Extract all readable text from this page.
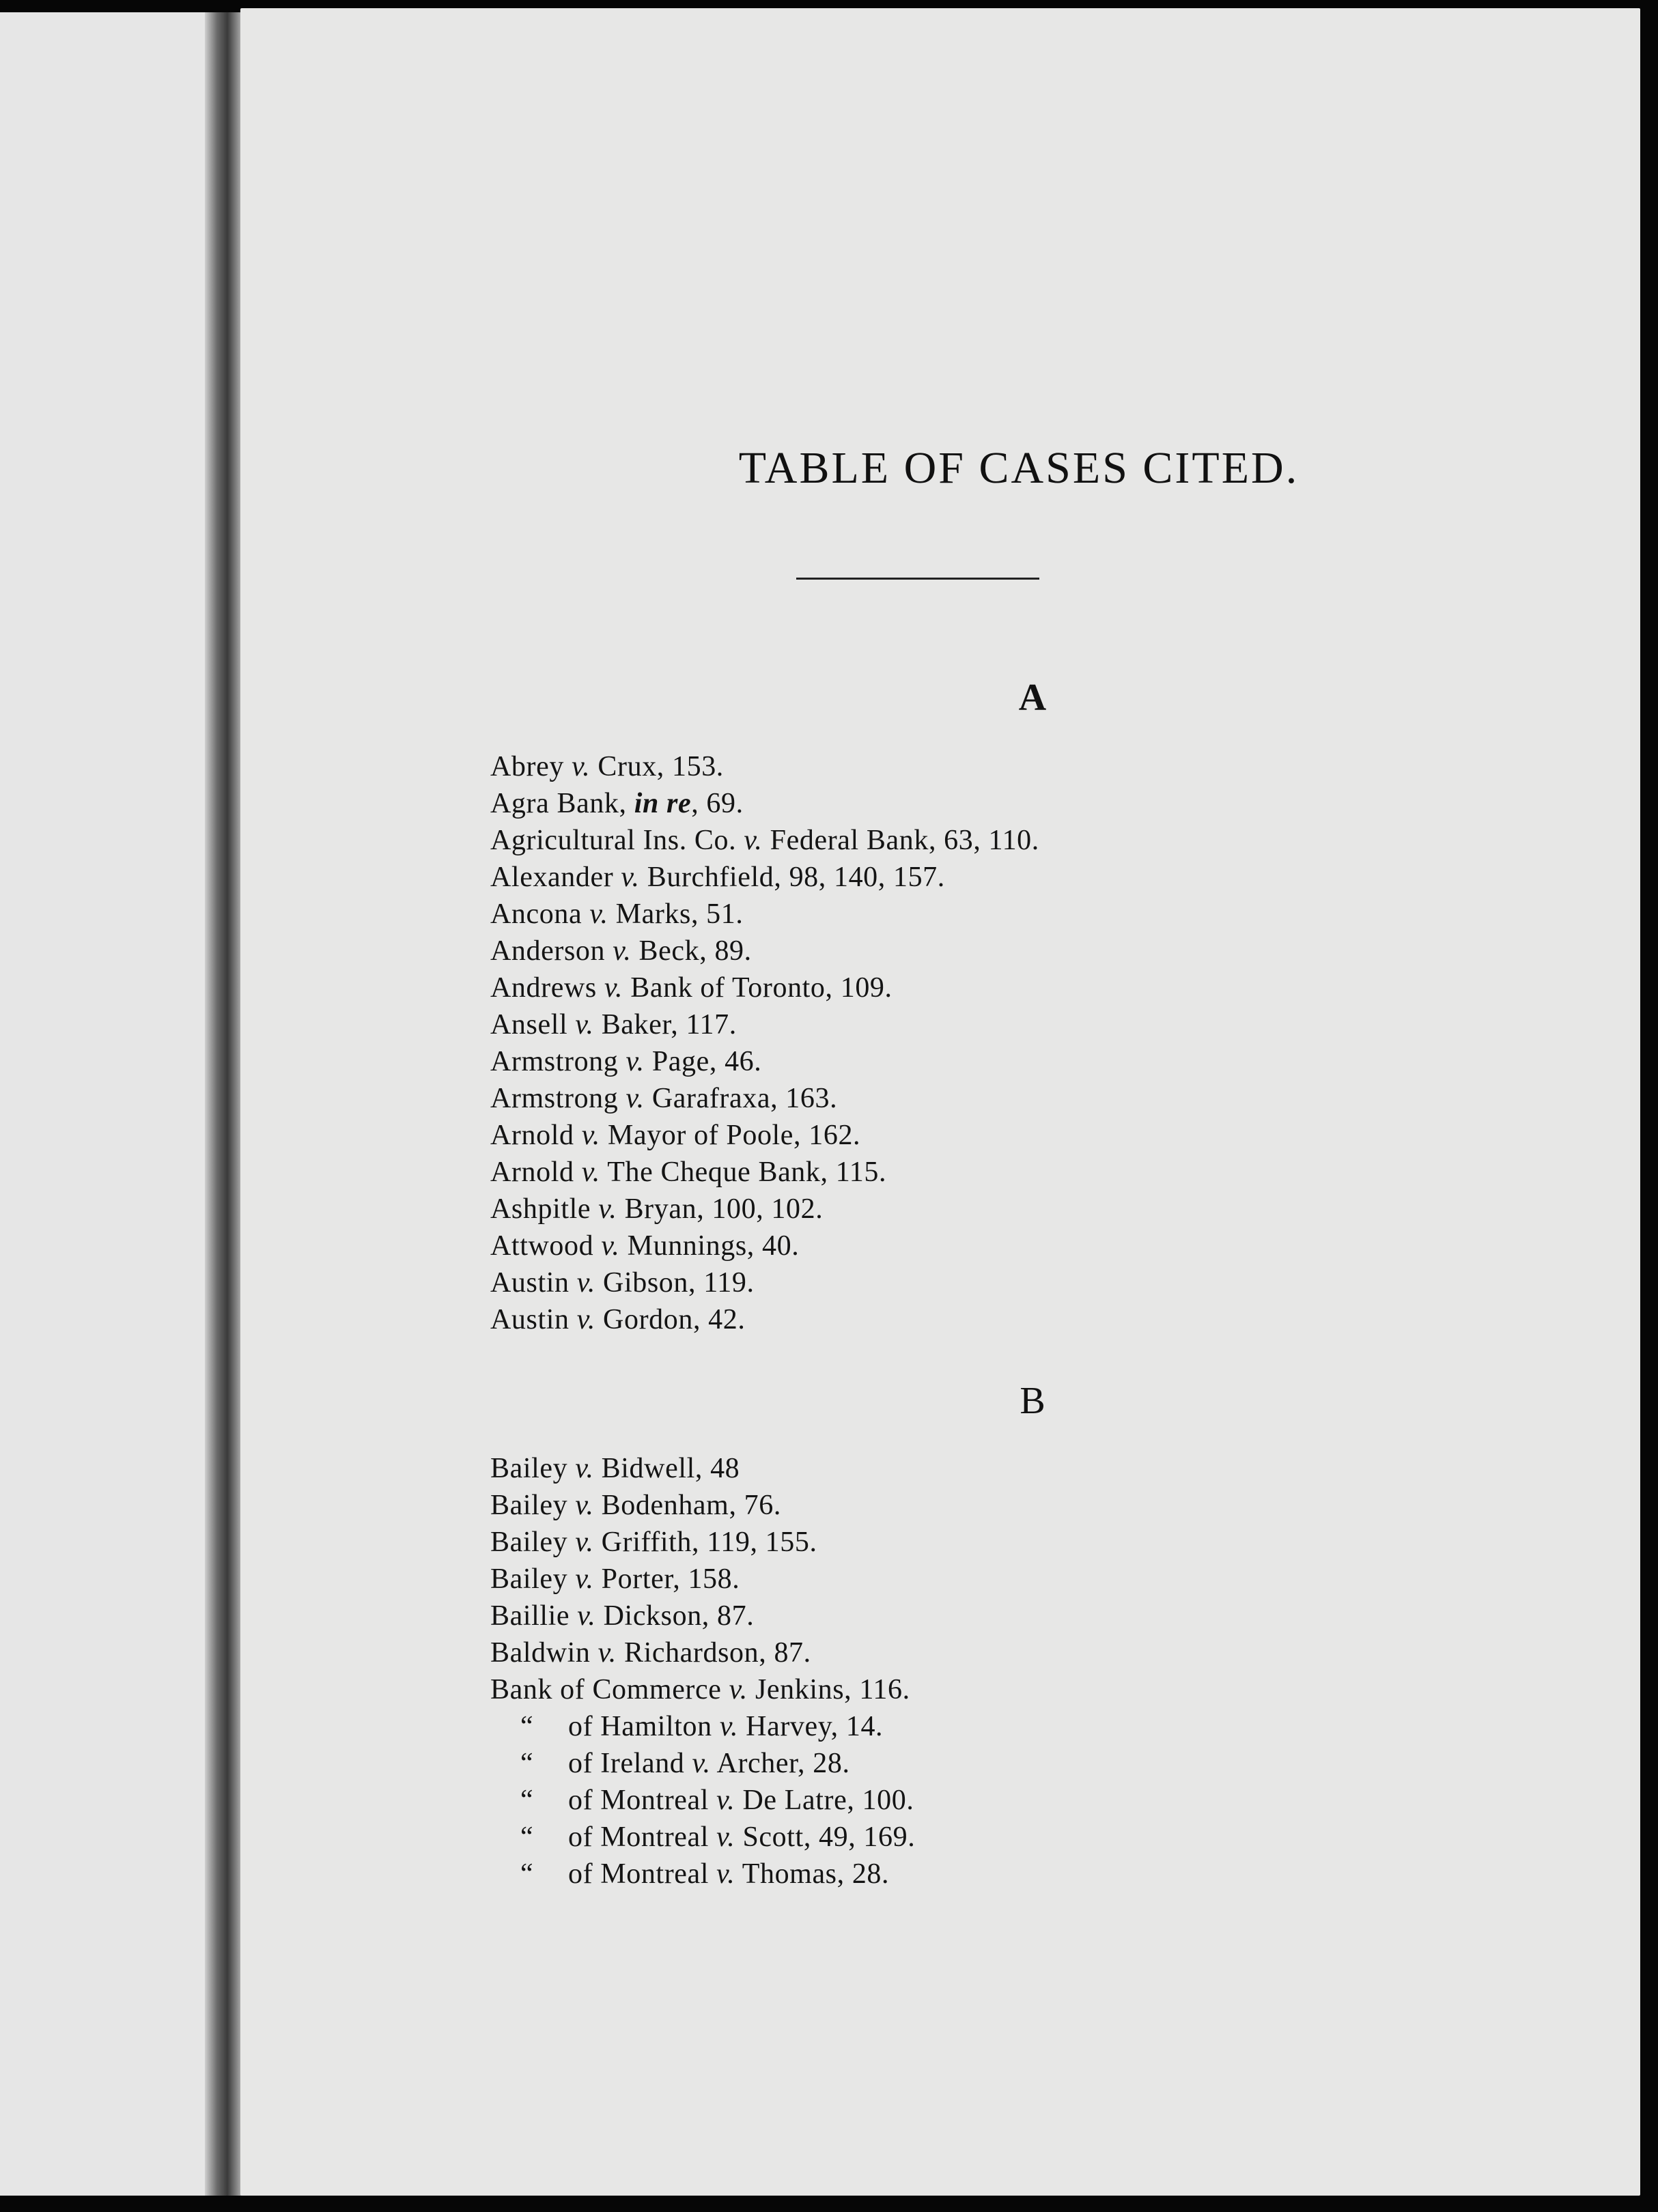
TABLE OF CASES CITED.
A
Abrey v. Crux, 153.
Agra Bank, in re, 69.
Agricultural Ins. Co. v. Federal Bank, 63, 110.
Alexander v. Burchfield, 98, 140, 157.
Ancona v. Marks, 51.
Anderson v. Beck, 89.
Andrews v. Bank of Toronto, 109.
Ansell v. Baker, 117.
Armstrong v. Page, 46.
Armstrong v. Garafraxa, 163.
Arnold v. Mayor of Poole, 162.
Arnold v. The Cheque Bank, 115.
Ashpitle v. Bryan, 100, 102.
Attwood v. Munnings, 40.
Austin v. Gibson, 119.
Austin v. Gordon, 42.
B
Bailey v. Bidwell, 48
Bailey v. Bodenham, 76.
Bailey v. Griffith, 119, 155.
Bailey v. Porter, 158.
Baillie v. Dickson, 87.
Baldwin v. Richardson, 87.
Bank of Commerce v. Jenkins, 116.
“ of Hamilton v. Harvey, 14.
“ of Ireland v. Archer, 28.
“ of Montreal v. De Latre, 100.
“ of Montreal v. Scott, 49, 169.
“ of Montreal v. Thomas, 28.
